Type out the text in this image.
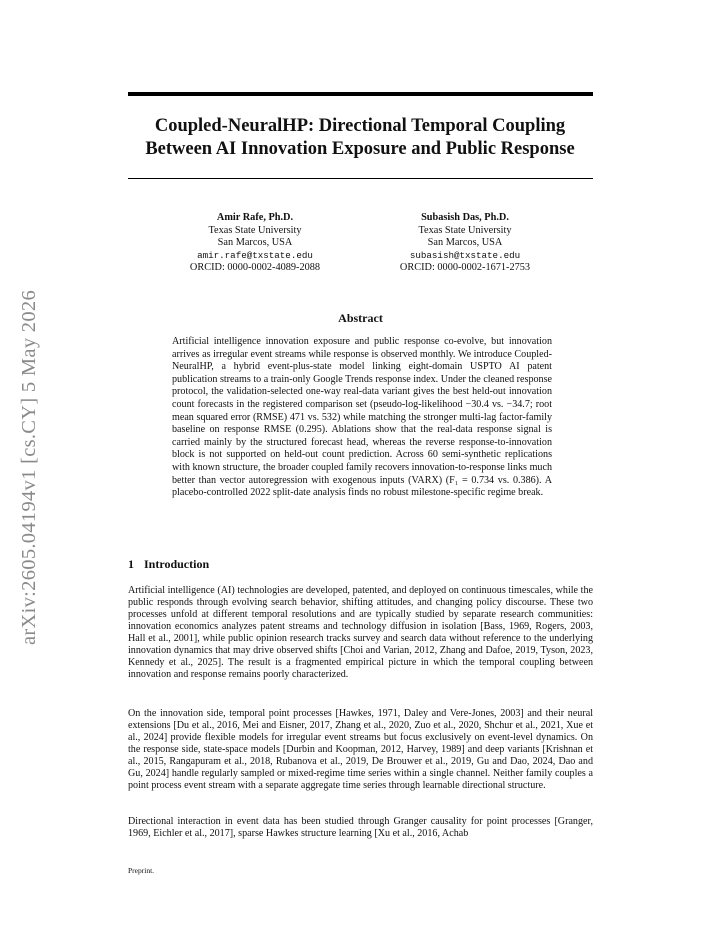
arXiv:2605.04194v1 [cs.CY] 5 May 2026
Coupled-NeuralHP: Directional Temporal Coupling
Between AI Innovation Exposure and Public Response
Amir Rafe, Ph.D.
Texas State University
San Marcos, USA
amir.rafe@txstate.edu
ORCID: 0000-0002-4089-2088
Subasish Das, Ph.D.
Texas State University
San Marcos, USA
subasish@txstate.edu
ORCID: 0000-0002-1671-2753
Abstract
Artificial intelligence innovation exposure and public response co-evolve, but innovation arrives as irregular event streams while response is observed monthly. We introduce Coupled-NeuralHP, a hybrid event-plus-state model linking eight-domain USPTO AI patent publication streams to a train-only Google Trends response index. Under the cleaned response protocol, the validation-selected one-way real-data variant gives the best held-out innovation count forecasts in the registered comparison set (pseudo-log-likelihood −30.4 vs. −34.7; root mean squared error (RMSE) 471 vs. 532) while matching the stronger multi-lag factor-family baseline on response RMSE (0.295). Ablations show that the real-data response signal is carried mainly by the structured forecast head, whereas the reverse response-to-innovation block is not supported on held-out count prediction. Across 60 semi-synthetic replications with known structure, the broader coupled family recovers innovation-to-response links much better than vector autoregression with exogenous inputs (VARX) (F₁ = 0.734 vs. 0.386). A placebo-controlled 2022 split-date analysis finds no robust milestone-specific regime break.
1 Introduction
Artificial intelligence (AI) technologies are developed, patented, and deployed on continuous timescales, while the public responds through evolving search behavior, shifting attitudes, and changing policy discourse. These two processes unfold at different temporal resolutions and are typically studied by separate research communities: innovation economics analyzes patent streams and technology diffusion in isolation [Bass, 1969, Rogers, 2003, Hall et al., 2001], while public opinion research tracks survey and search data without reference to the underlying innovation dynamics that may drive observed shifts [Choi and Varian, 2012, Zhang and Dafoe, 2019, Tyson, 2023, Kennedy et al., 2025]. The result is a fragmented empirical picture in which the temporal coupling between innovation and response remains poorly characterized.
On the innovation side, temporal point processes [Hawkes, 1971, Daley and Vere-Jones, 2003] and their neural extensions [Du et al., 2016, Mei and Eisner, 2017, Zhang et al., 2020, Zuo et al., 2020, Shchur et al., 2021, Xue et al., 2024] provide flexible models for irregular event streams but focus exclusively on event-level dynamics. On the response side, state-space models [Durbin and Koopman, 2012, Harvey, 1989] and deep variants [Krishnan et al., 2015, Rangapuram et al., 2018, Rubanova et al., 2019, De Brouwer et al., 2019, Gu and Dao, 2024, Dao and Gu, 2024] handle regularly sampled or mixed-regime time series within a single channel. Neither family couples a point process event stream with a separate aggregate time series through learnable directional structure.
Directional interaction in event data has been studied through Granger causality for point processes [Granger, 1969, Eichler et al., 2017], sparse Hawkes structure learning [Xu et al., 2016, Achab
Preprint.
